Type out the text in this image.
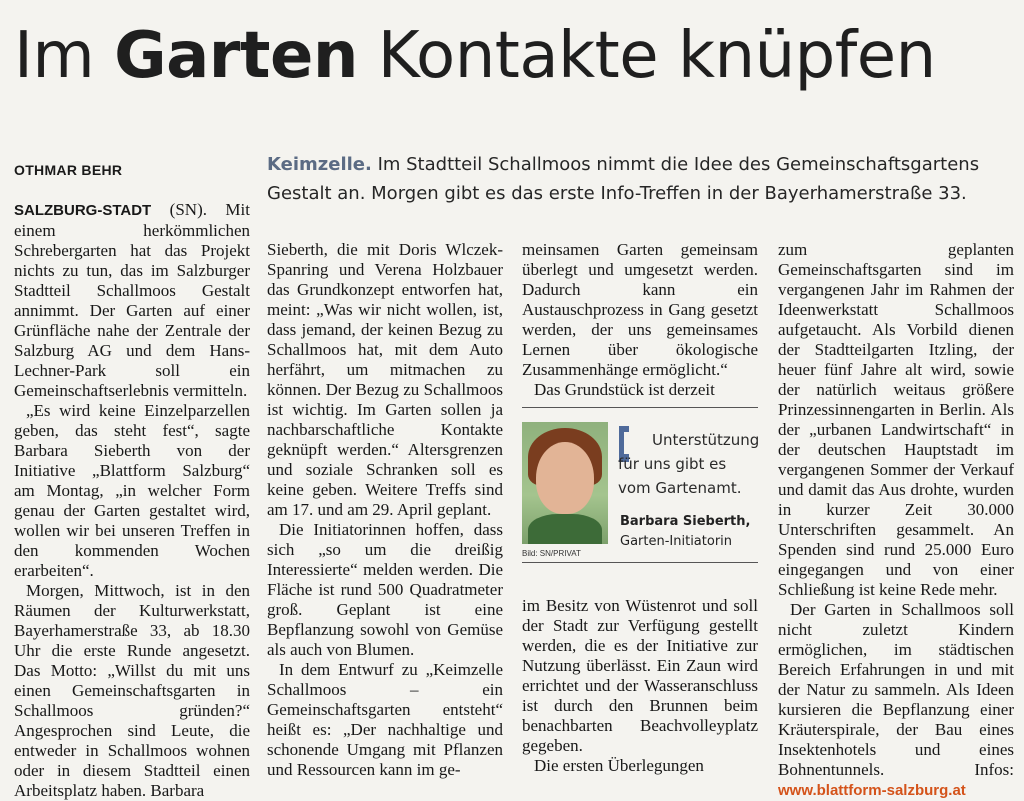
Im Garten Kontakte knüpfen
OTHMAR BEHR	Keimzelle. Im Stadtteil Schallmoos nimmt die Idee des Gemeinschaftsgartens Gestalt an. Morgen gibt es das erste Info-Treffen in der Bayerhamerstraße 33.

SALZBURG-STADT (SN). Mit einem herkömmlichen Schrebergarten hat das Projekt nichts zu tun, das im Salzburger Stadtteil Schallmoos Gestalt annimmt. Der Garten auf einer Grünfläche nahe der Zentrale der Salzburg AG und dem Hans-Lechner-Park soll ein Gemeinschaftserlebnis vermitteln.

„Es wird keine Einzelparzellen geben, das steht fest“, sagte Barbara Sieberth von der Initiative „Blattform Salzburg“ am Montag, „in welcher Form genau der Garten gestaltet wird, wollen wir bei unseren Treffen in den kommenden Wochen erarbeiten“.

Morgen, Mittwoch, ist in den Räumen der Kulturwerkstatt, Bayerhamerstraße 33, ab 18.30 Uhr die erste Runde angesetzt. Das Motto: „Willst du mit uns einen Gemeinschaftsgarten in Schallmoos gründen?“ Angesprochen sind Leute, die entweder in Schallmoos wohnen oder in diesem Stadtteil einen Arbeitsplatz haben. Barbara

Sieberth, die mit Doris Wlczek-Spanring und Verena Holzbauer das Grundkonzept entworfen hat, meint: „Was wir nicht wollen, ist, dass jemand, der keinen Bezug zu Schallmoos hat, mit dem Auto herfährt, um mitmachen zu können. Der Bezug zu Schallmoos ist wichtig. Im Garten sollen ja nachbarschaftliche Kontakte geknüpft werden.“ Altersgrenzen und soziale Schranken soll es keine geben. Weitere Treffs sind am 17. und am 29. April geplant.

Die Initiatorinnen hoffen, dass sich „so um die dreißig Interessierte“ melden werden. Die Fläche ist rund 500 Quadratmeter groß. Geplant ist eine Bepflanzung sowohl von Gemüse als auch von Blumen.

In dem Entwurf zu „Keimzelle Schallmoos – ein Gemeinschaftsgarten entsteht“ heißt es: „Der nachhaltige und schonende Umgang mit Pflanzen und Ressourcen kann im ge-

meinsamen Garten gemeinsam überlegt und umgesetzt werden. Dadurch kann ein Austauschprozess in Gang gesetzt werden, der uns gemeinsames Lernen über ökologische Zusammenhänge ermöglicht.“

Das Grundstück ist derzeit

Bild: SN/PRIVAT

Unterstützung für uns gibt es vom Gartenamt.

Barbara Sieberth,
Garten-Initiatorin

im Besitz von Wüstenrot und soll der Stadt zur Verfügung gestellt werden, die es der Initiative zur Nutzung überlässt. Ein Zaun wird errichtet und der Wasseranschluss ist durch den Brunnen beim benachbarten Beachvolleyplatz gegeben.

Die ersten Überlegungen

zum geplanten Gemeinschaftsgarten sind im vergangenen Jahr im Rahmen der Ideenwerkstatt Schallmoos aufgetaucht. Als Vorbild dienen der Stadtteilgarten Itzling, der heuer fünf Jahre alt wird, sowie der natürlich weitaus größere Prinzessinnengarten in Berlin. Als der „urbanen Landwirtschaft“ in der deutschen Hauptstadt im vergangenen Sommer der Verkauf und damit das Aus drohte, wurden in kurzer Zeit 30.000 Unterschriften gesammelt. An Spenden sind rund 25.000 Euro eingegangen und von einer Schließung ist keine Rede mehr.

Der Garten in Schallmoos soll nicht zuletzt Kindern ermöglichen, im städtischen Bereich Erfahrungen in und mit der Natur zu sammeln. Als Ideen kursieren die Bepflanzung einer Kräuterspirale, der Bau eines Insektenhotels und eines Bohnentunnels. Infos: www.blattform-salzburg.at
